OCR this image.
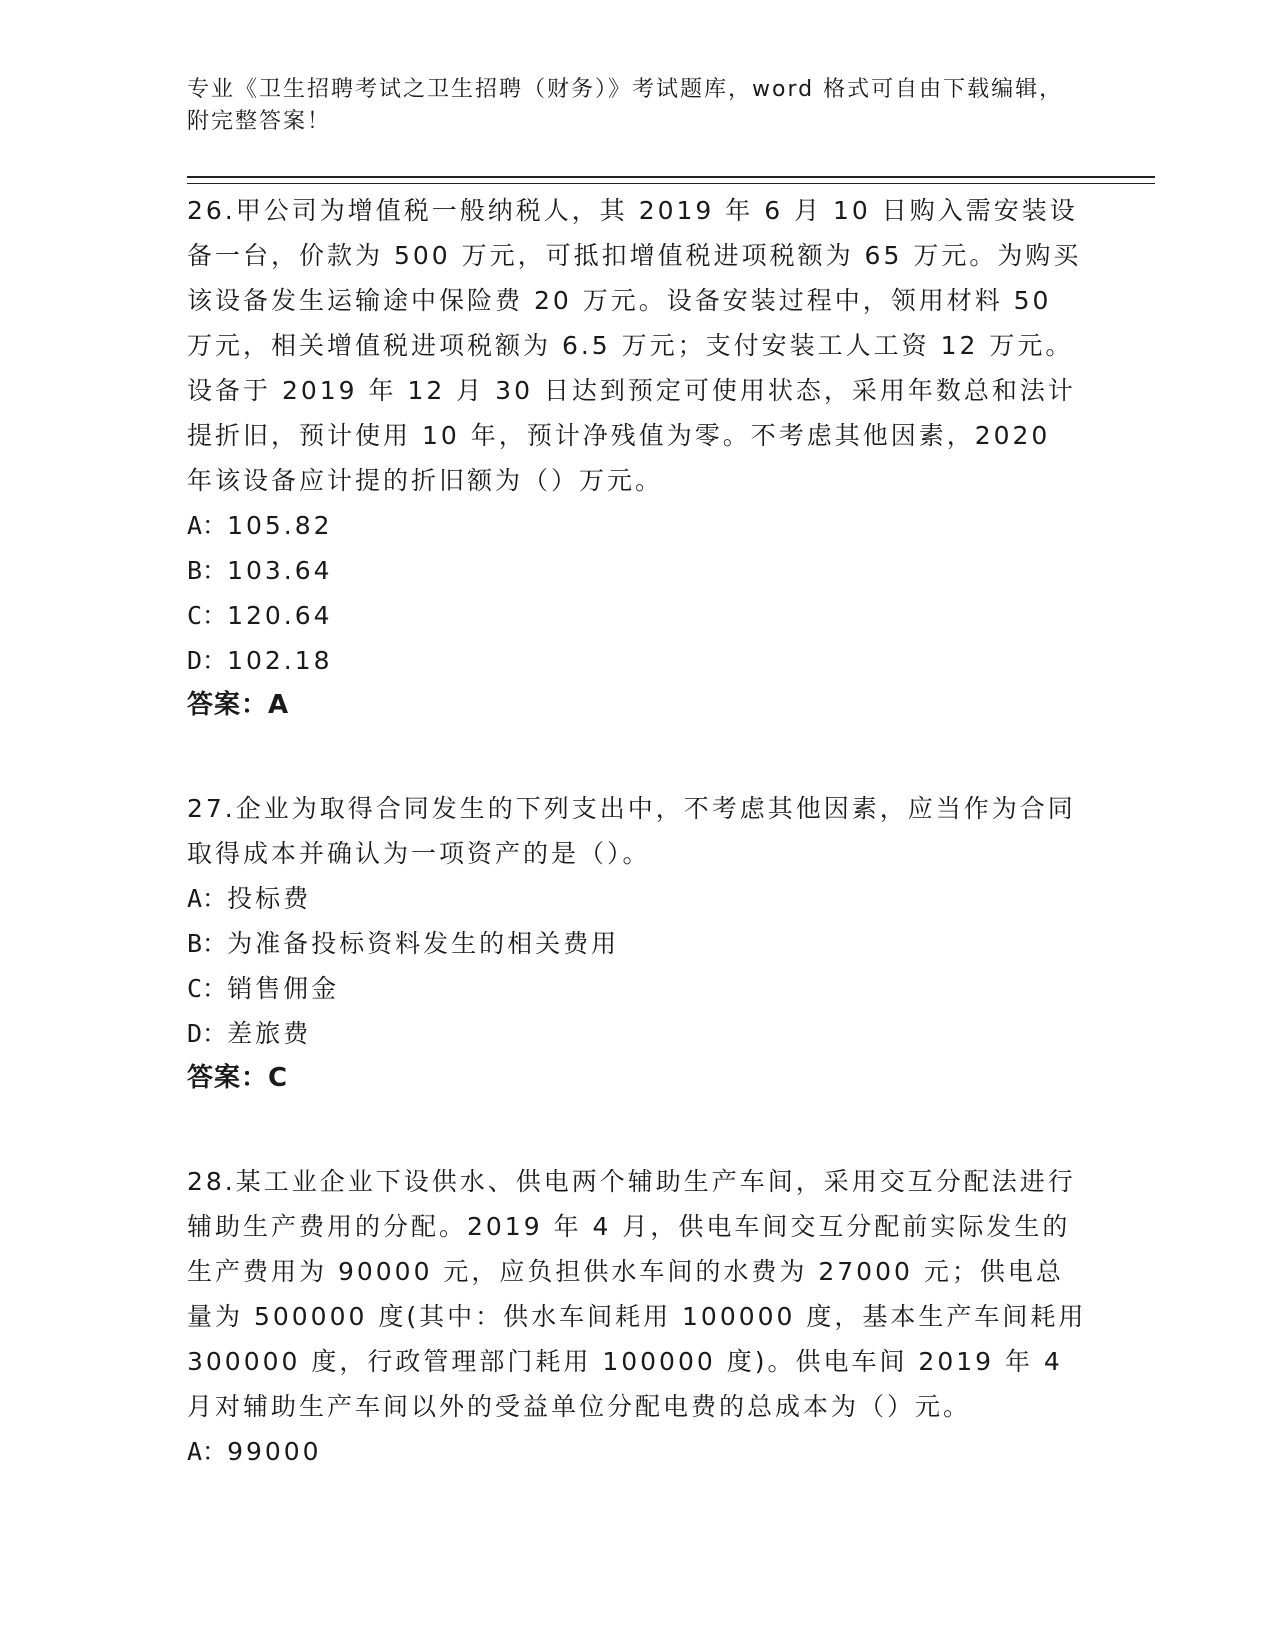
专业《卫生招聘考试之卫生招聘（财务）》考试题库，word 格式可自由下载编辑，附完整答案！

26.甲公司为增值税一般纳税人，其 2019 年 6 月 10 日购入需安装设备一台，价款为 500 万元，可抵扣增值税进项税额为 65 万元。为购买该设备发生运输途中保险费 20 万元。设备安装过程中，领用材料 50 万元，相关增值税进项税额为 6.5 万元；支付安装工人工资 12 万元。设备于 2019 年 12 月 30 日达到预定可使用状态，采用年数总和法计提折旧，预计使用 10 年，预计净残值为零。不考虑其他因素，2020 年该设备应计提的折旧额为（）万元。

A：105.82

B：103.64

C：120.64

D：102.18

答案：A

27.企业为取得合同发生的下列支出中，不考虑其他因素，应当作为合同取得成本并确认为一项资产的是（）。

A：投标费

B：为准备投标资料发生的相关费用

C：销售佣金

D：差旅费

答案：C

28.某工业企业下设供水、供电两个辅助生产车间，采用交互分配法进行辅助生产费用的分配。2019 年 4 月，供电车间交互分配前实际发生的生产费用为 90000 元，应负担供水车间的水费为 27000 元；供电总量为 500000 度(其中：供水车间耗用 100000 度，基本生产车间耗用 300000 度，行政管理部门耗用 100000 度)。供电车间 2019 年 4 月对辅助生产车间以外的受益单位分配电费的总成本为（）元。

A：99000
